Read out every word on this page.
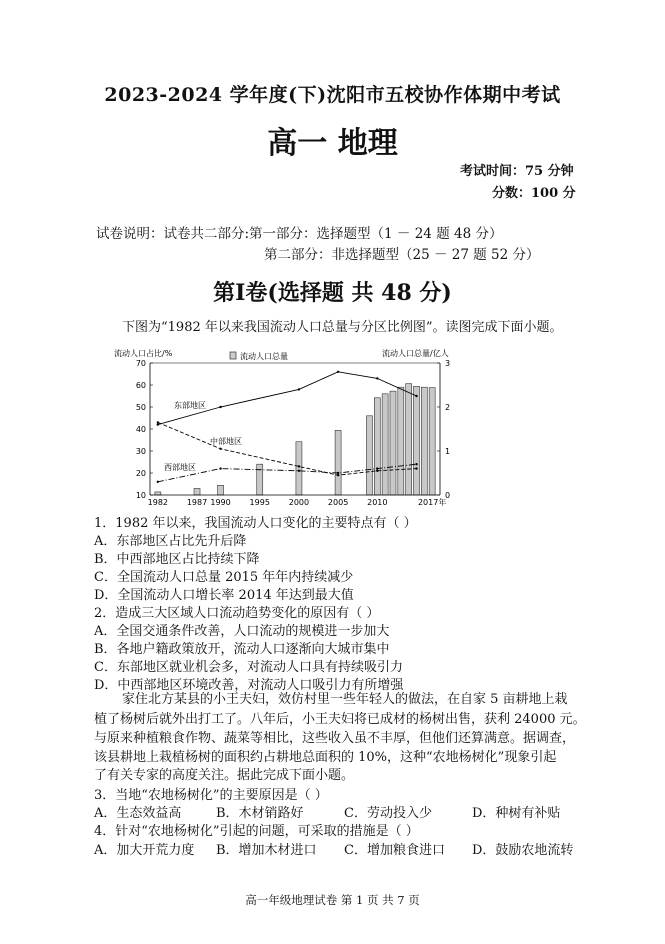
2023-2024 学年度(下)沈阳市五校协作体期中考试
高一 地理
考试时间：75 分钟
分数：100 分
试卷说明：试卷共二部分:第一部分：选择题型（1 － 24 题 48 分）
第二部分：非选择题型（25 － 27 题 52 分）
第Ⅰ卷(选择题 共 48 分)
下图为“1982 年以来我国流动人口总量与分区比例图”。读图完成下面小题。
流动人口占比/%	流动人口总量/亿人
流动人口总量
70
60
50
40
30
20
10
3
2
1
0
1982 1987 1990 1995 2000 2005 2010	2017年
东部地区
中部地区
西部地区
1．1982 年以来，我国流动人口变化的主要特点有（ ）
A．东部地区占比先升后降
B．中西部地区占比持续下降
C．全国流动人口总量 2015 年年内持续减少
D．全国流动人口增长率 2014 年达到最大值
2．造成三大区域人口流动趋势变化的原因有（ ）
A．全国交通条件改善，人口流动的规模进一步加大
B．各地户籍政策放开，流动人口逐渐向大城市集中
C．东部地区就业机会多，对流动人口具有持续吸引力
D．中西部地区环境改善，对流动人口吸引力有所增强
家住北方某县的小王夫妇，效仿村里一些年轻人的做法，在自家 5 亩耕地上栽
植了杨树后就外出打工了。八年后，小王夫妇将已成材的杨树出售，获利 24000 元。
与原来种植粮食作物、蔬菜等相比，这些收入虽不丰厚，但他们还算满意。据调查，
该县耕地上栽植杨树的面积约占耕地总面积的 10%，这种“农地杨树化”现象引起
了有关专家的高度关注。据此完成下面小题。
3．当地“农地杨树化”的主要原因是（ ）
A．生态效益高	B．木材销路好	C．劳动投入少	D．种树有补贴
4．针对“农地杨树化”引起的问题，可采取的措施是（ ）
A．加大开荒力度 B．增加木材进口 C．增加粮食进口 D．鼓励农地流转
高一年级地理试卷 第 1 页 共 7 页
